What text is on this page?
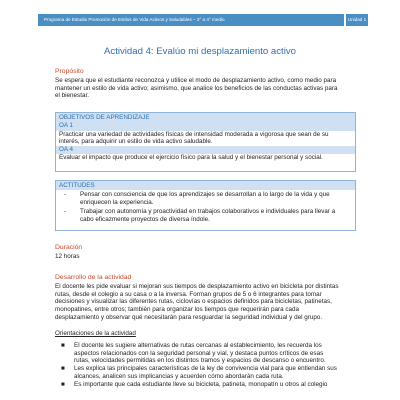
Programa de Estudio Promoción de Estilos de Vida Activos y Saludables – 3° a 4° medio	Unidad 1
Actividad 4: Evalúo mi desplazamiento activo
Propósito

Se espera que el estudiante reconozca y utilice el modo de desplazamiento activo, como medio para

mantener un estilo de vida activo; asimismo, que analice los beneficios de las conductas activas para

el bienestar.

OBJETIVOS DE APRENDIZAJE
OA 1
Practicar una variedad de actividades físicas de intensidad moderada a vigorosa que sean de su
interés, para adquirir un estilo de vida activo saludable.
OA 4
Evaluar el impacto que produce el ejercicio físico para la salud y el bienestar personal y social.
ACTITUDES
- Pensar con consciencia de que los aprendizajes se desarrollan a lo largo de la vida y que

enriquecen la experiencia.

- Trabajar con autonomía y proactividad en trabajos colaborativos e individuales para llevar a

cabo eficazmente proyectos de diversa índole.

Duración

12 horas

Desarrollo de la actividad

El docente les pide evaluar si mejoran sus tiempos de desplazamiento activo en bicicleta por distintas

rutas, desde el colegio a su casa o a la inversa. Forman grupos de 5 o 6 integrantes para tomar

decisiones y visualizar las diferentes rutas, ciclovías o espacios definidos para bicicletas, patinetas,

monopatines, entre otros; también para organizar los tiempos que requerirán para cada

desplazamiento y observar qué necesitarán para resguardar la seguridad individual y del grupo.

Orientaciones de la actividad
■ El docente les sugiere alternativas de rutas cercanas al establecimiento, les recuerda los

aspectos relacionados con la seguridad personal y vial, y destaca puntos críticos de esas

rutas, velocidades permitidas en los distintos tramos y espacios de descanso o encuentro.

■ Les explica las principales características de la ley de convivencia vial para que entiendan sus

alcances, analicen sus implicancias y acuerden cómo abordarán cada ruta.

■ Es importante que cada estudiante lleve su bicicleta, patineta, monopatín u otros al colegio
